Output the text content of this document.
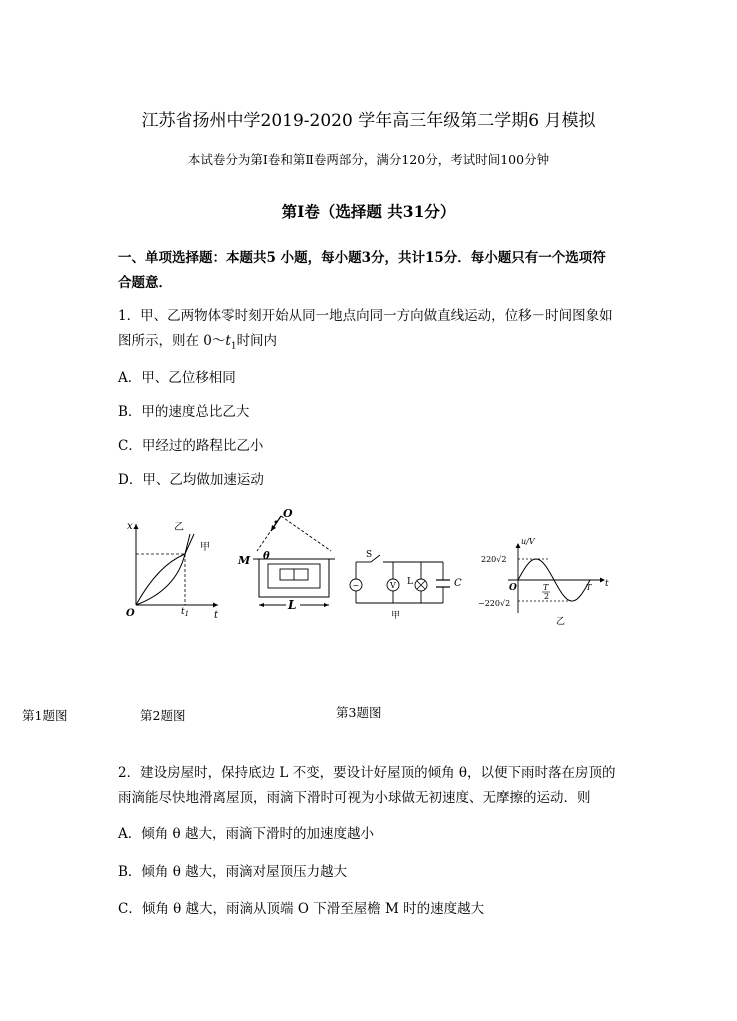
江苏省扬州中学2019-2020 学年高三年级第二学期6 月模拟
本试卷分为第Ⅰ卷和第Ⅱ卷两部分，满分120分，考试时间100分钟
第Ⅰ卷（选择题 共31分）
一、单项选择题：本题共5 小题，每小题3分，共计15分．每小题只有一个选项符合题意．
1．甲、乙两物体零时刻开始从同一地点向同一方向做直线运动，位移－时间图象如图所示，则在 $0\sim t_1$时间内
A．甲、乙位移相同
B．甲的速度总比乙大
C．甲经过的路程比乙小
D．甲、乙均做加速运动
x
t
O
乙
甲
$t_1$
O
M θ
L
S
~	V L	C
甲
u/V
t
O
220√2
−220√2
T
2
T
乙
第1题图	第2题图	第3题图
2．建设房屋时，保持底边 L 不变，要设计好屋顶的倾角 θ，以便下雨时落在房顶的雨滴能尽快地滑离屋顶，雨滴下滑时可视为小球做无初速度、无摩擦的运动．则
A．倾角 θ 越大，雨滴下滑时的加速度越小
B．倾角 θ 越大，雨滴对屋顶压力越大
C．倾角 θ 越大，雨滴从顶端 O 下滑至屋檐 M 时的速度越大
